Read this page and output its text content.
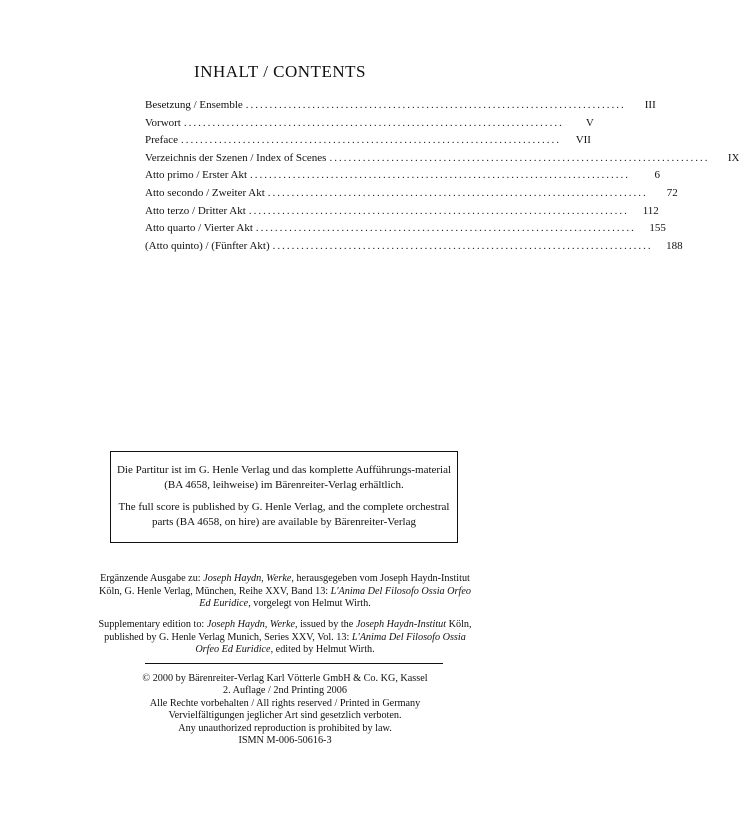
INHALT / CONTENTS
Besetzung / Ensemble ................................................................................	III
Vorwort ................................................................................	V
Preface ................................................................................	VII
Verzeichnis der Szenen / Index of Scenes ................................................................................	IX
Atto primo / Erster Akt ................................................................................	6
Atto secondo / Zweiter Akt ................................................................................	72
Atto terzo / Dritter Akt ................................................................................	112
Atto quarto / Vierter Akt ................................................................................	155
(Atto quinto) / (Fünfter Akt) ................................................................................	188

Die Partitur ist im G. Henle Verlag und das komplette Aufführungs-material (BA 4658, leihweise) im Bärenreiter-Verlag erhältlich.

The full score is published by G. Henle Verlag, and the complete orchestral parts (BA 4658, on hire) are available by Bärenreiter-Verlag

Ergänzende Ausgabe zu: Joseph Haydn, Werke, herausgegeben vom Joseph Haydn-Institut Köln, G. Henle Verlag, München, Reihe XXV, Band 13: L'Anima Del Filosofo Ossia Orfeo Ed Euridice, vorgelegt von Helmut Wirth.
Supplementary edition to: Joseph Haydn, Werke, issued by the Joseph Haydn-Institut Köln, published by G. Henle Verlag Munich, Series XXV, Vol. 13: L'Anima Del Filosofo Ossia Orfeo Ed Euridice, edited by Helmut Wirth.
© 2000 by Bärenreiter-Verlag Karl Vötterle GmbH & Co. KG, Kassel
2. Auflage / 2nd Printing 2006
Alle Rechte vorbehalten / All rights reserved / Printed in Germany
Vervielfältigungen jeglicher Art sind gesetzlich verboten.
Any unauthorized reproduction is prohibited by law.
ISMN M-006-50616-3
